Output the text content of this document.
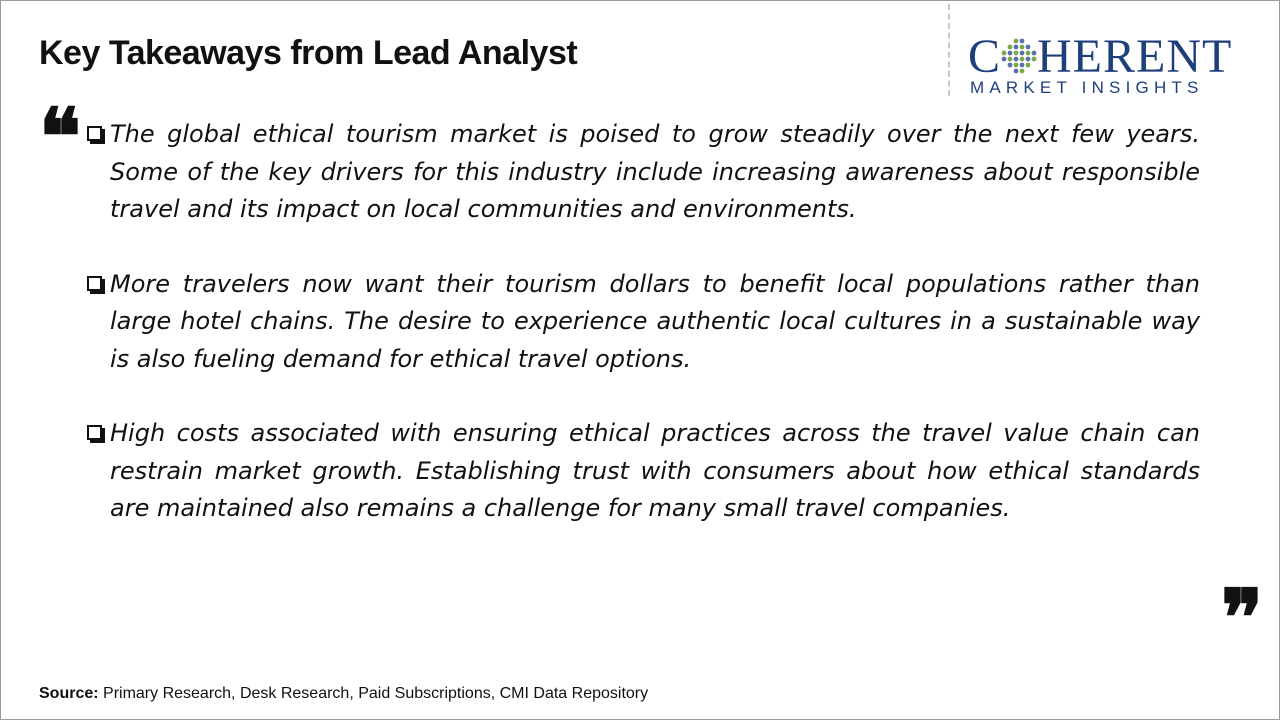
Key Takeaways from Lead Analyst	C HERENT
MARKET INSIGHTS
❝ The global ethical tourism market is poised to grow steadily over the next few years. Some of the key drivers for this industry include increasing awareness about responsible travel and its impact on local communities and environments.
More travelers now want their tourism dollars to benefit local populations rather than large hotel chains. The desire to experience authentic local cultures in a sustainable way is also fueling demand for ethical travel options.
High costs associated with ensuring ethical practices across the travel value chain can restrain market growth. Establishing trust with consumers about how ethical standards are maintained also remains a challenge for many small travel companies.
❞
Source: Primary Research, Desk Research, Paid Subscriptions, CMI Data Repository
